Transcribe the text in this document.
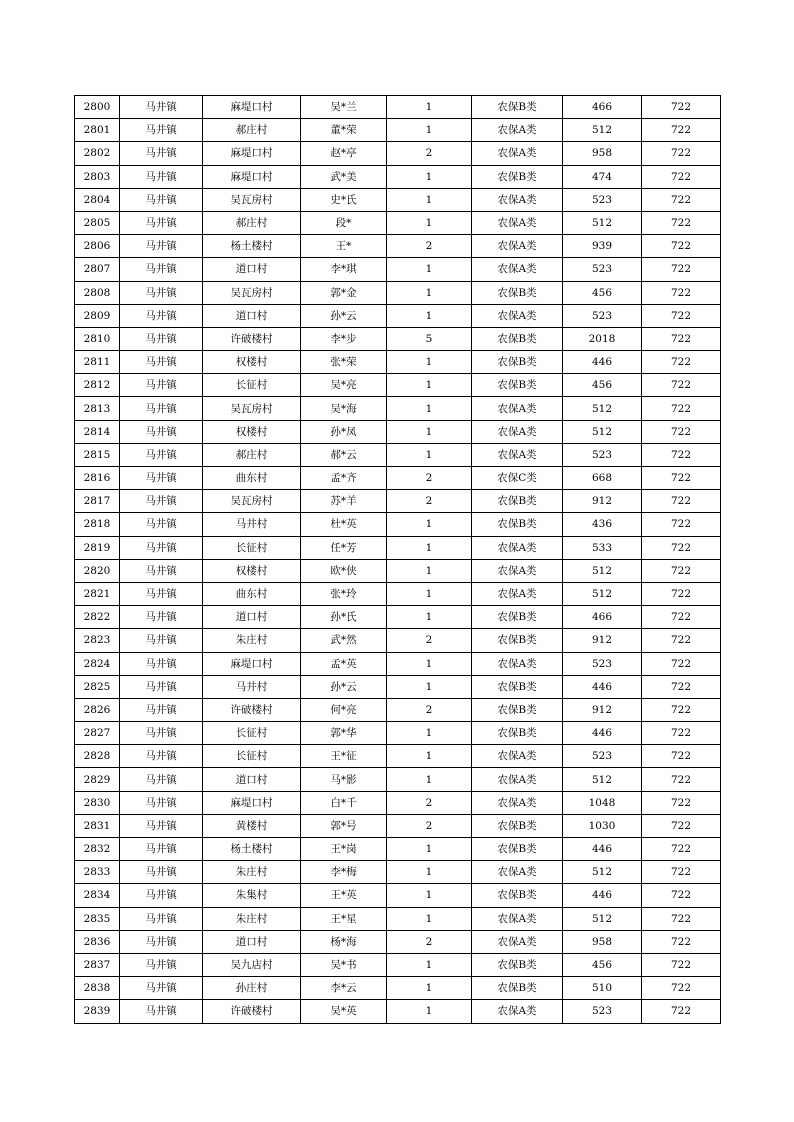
2800	马井镇	麻堤口村	吴*兰	1	农保B类	466	722
2801	马井镇	郝庄村	董*荣	1	农保A类	512	722
2802	马井镇	麻堤口村	赵*亭	2	农保A类	958	722
2803	马井镇	麻堤口村	武*美	1	农保B类	474	722
2804	马井镇	吴瓦房村	史*氏	1	农保A类	523	722
2805	马井镇	郝庄村	段*	1	农保A类	512	722
2806	马井镇	杨土楼村	王*	2	农保A类	939	722
2807	马井镇	道口村	李*琪	1	农保A类	523	722
2808	马井镇	吴瓦房村	郭*金	1	农保B类	456	722
2809	马井镇	道口村	孙*云	1	农保A类	523	722
2810	马井镇	许破楼村	李*步	5	农保B类	2018	722
2811	马井镇	权楼村	张*荣	1	农保B类	446	722
2812	马井镇	长征村	吴*亮	1	农保B类	456	722
2813	马井镇	吴瓦房村	吴*海	1	农保A类	512	722
2814	马井镇	权楼村	孙*凤	1	农保A类	512	722
2815	马井镇	郝庄村	郝*云	1	农保A类	523	722
2816	马井镇	曲东村	孟*齐	2	农保C类	668	722
2817	马井镇	吴瓦房村	苏*羊	2	农保B类	912	722
2818	马井镇	马井村	杜*英	1	农保B类	436	722
2819	马井镇	长征村	任*芳	1	农保A类	533	722
2820	马井镇	权楼村	欧*侠	1	农保A类	512	722
2821	马井镇	曲东村	张*玲	1	农保A类	512	722
2822	马井镇	道口村	孙*氏	1	农保B类	466	722
2823	马井镇	朱庄村	武*然	2	农保B类	912	722
2824	马井镇	麻堤口村	孟*英	1	农保A类	523	722
2825	马井镇	马井村	孙*云	1	农保B类	446	722
2826	马井镇	许破楼村	何*亮	2	农保B类	912	722
2827	马井镇	长征村	郭*华	1	农保B类	446	722
2828	马井镇	长征村	王*征	1	农保A类	523	722
2829	马井镇	道口村	马*影	1	农保A类	512	722
2830	马井镇	麻堤口村	白*千	2	农保A类	1048	722
2831	马井镇	黄楼村	郭*号	2	农保B类	1030	722
2832	马井镇	杨土楼村	王*岗	1	农保B类	446	722
2833	马井镇	朱庄村	李*梅	1	农保A类	512	722
2834	马井镇	朱集村	王*英	1	农保B类	446	722
2835	马井镇	朱庄村	王*星	1	农保A类	512	722
2836	马井镇	道口村	杨*海	2	农保A类	958	722
2837	马井镇	吴九店村	吴*书	1	农保B类	456	722
2838	马井镇	孙庄村	李*云	1	农保B类	510	722
2839	马井镇	许破楼村	吴*英	1	农保A类	523	722
